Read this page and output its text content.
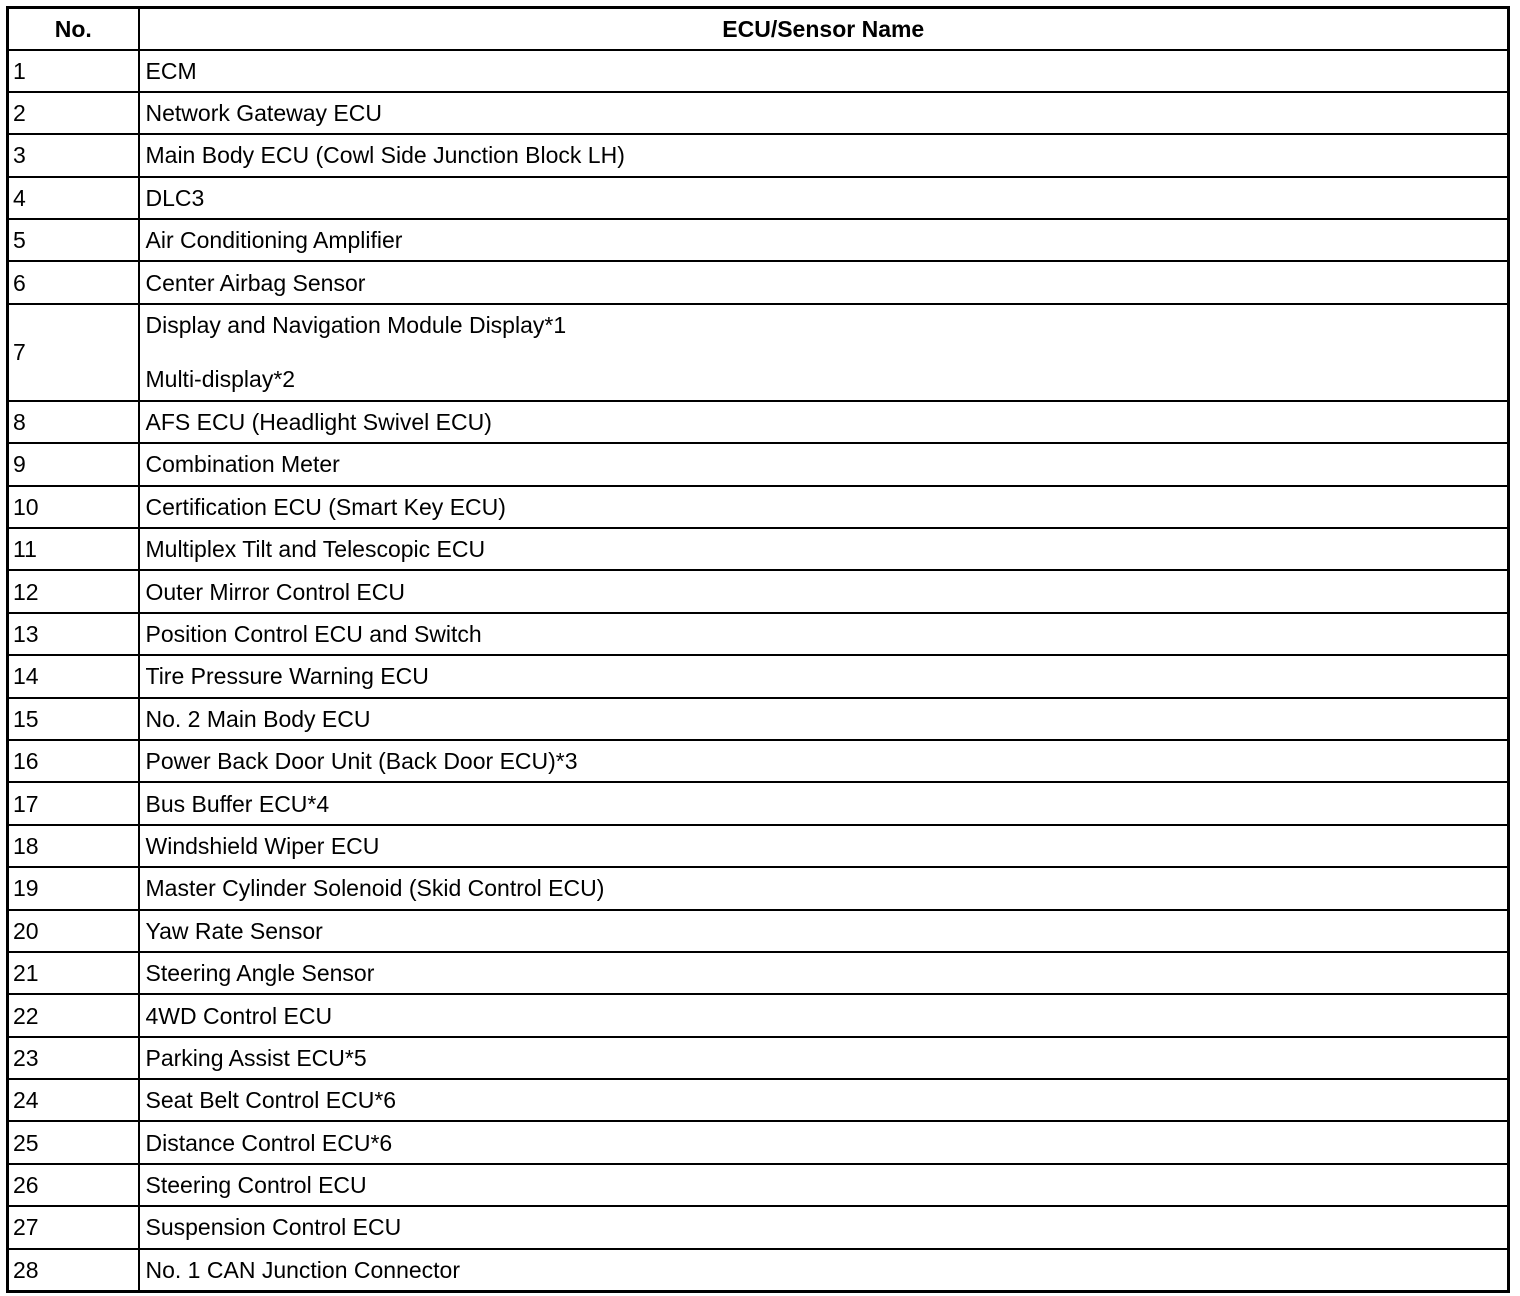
No.	ECU/Sensor Name
1	ECM

2	Network Gateway ECU

3	Main Body ECU (Cowl Side Junction Block LH)

4	DLC3

5	Air Conditioning Amplifier

6	Center Airbag Sensor

7	Display and Navigation Module Display*1
Multi-display*2

8	AFS ECU (Headlight Swivel ECU)

9	Combination Meter

10	Certification ECU (Smart Key ECU)

11	Multiplex Tilt and Telescopic ECU

12	Outer Mirror Control ECU

13	Position Control ECU and Switch

14	Tire Pressure Warning ECU

15	No. 2 Main Body ECU

16	Power Back Door Unit (Back Door ECU)*3

17	Bus Buffer ECU*4

18	Windshield Wiper ECU

19	Master Cylinder Solenoid (Skid Control ECU)

20	Yaw Rate Sensor

21	Steering Angle Sensor

22	4WD Control ECU

23	Parking Assist ECU*5

24	Seat Belt Control ECU*6

25	Distance Control ECU*6

26	Steering Control ECU

27	Suspension Control ECU

28	No. 1 CAN Junction Connector
